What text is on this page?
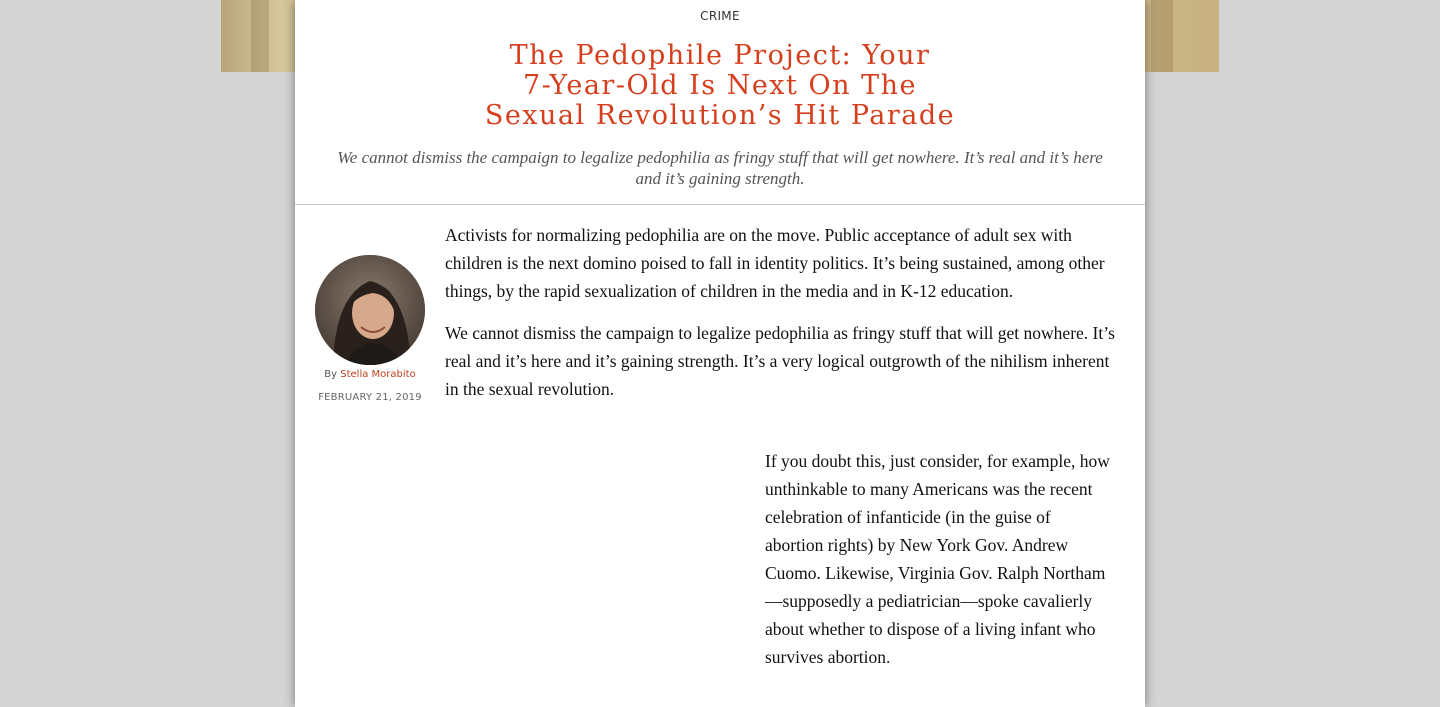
CRIME
The Pedophile Project: Your
7-Year-Old Is Next On The
Sexual Revolution’s Hit Parade
We cannot dismiss the campaign to legalize pedophilia as fringy stuff that will get nowhere. It’s real and it’s here and it’s gaining strength.
By Stella Morabito
FEBRUARY 21, 2019

Activists for normalizing pedophilia are on the move. Public acceptance of adult sex with children is the next domino poised to fall in identity politics. It’s being sustained, among other things, by the rapid sexualization of children in the media and in K-12 education.

We cannot dismiss the campaign to legalize pedophilia as fringy stuff that will get nowhere. It’s real and it’s here and it’s gaining strength. It’s a very logical outgrowth of the nihilism inherent in the sexual revolution.

If you doubt this, just consider, for example, how unthinkable to many Americans was the recent celebration of infanticide (in the guise of abortion rights) by New York Gov. Andrew Cuomo. Likewise, Virginia Gov. Ralph Northam —supposedly a pediatrician—spoke cavalierly about whether to dispose of a living infant who survives abortion.
